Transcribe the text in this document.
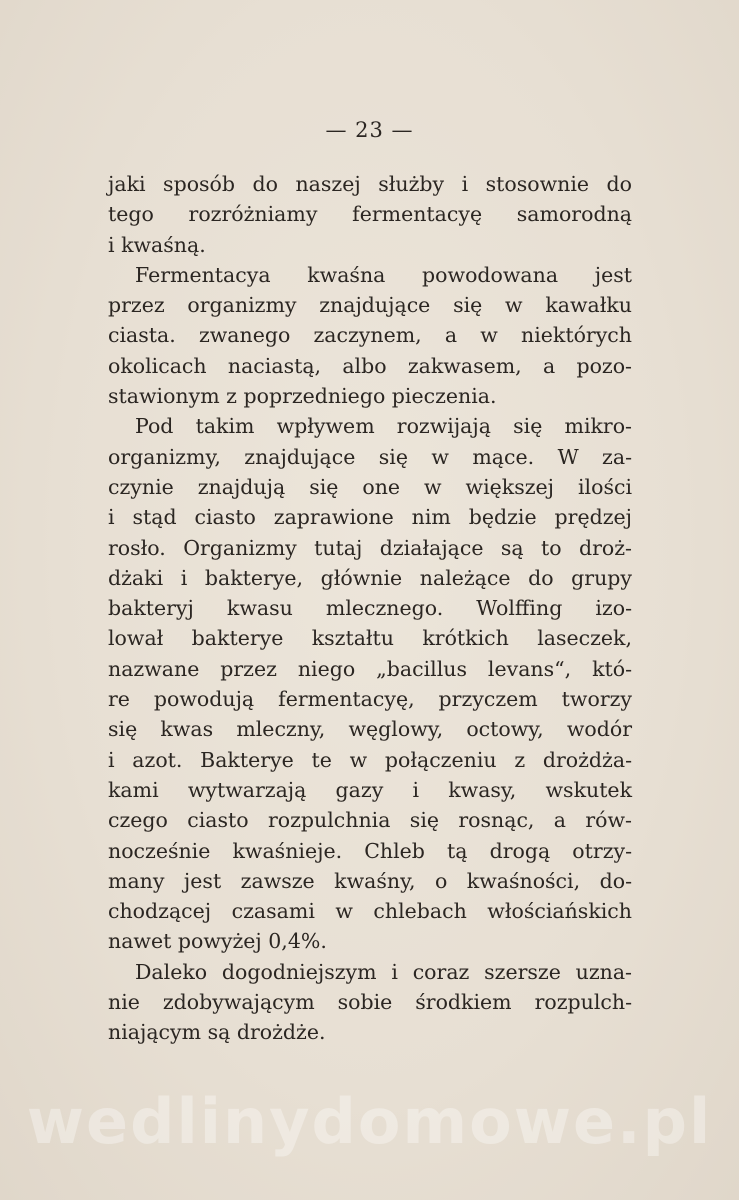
— 23 —
jaki sposób do naszej służby i stosownie do
tego rozróżniamy fermentacyę samorodną
i kwaśną.
Fermentacya kwaśna powodowana jest
przez organizmy znajdujące się w kawałku
ciasta. zwanego zaczynem, a w niektórych
okolicach naciastą, albo zakwasem, a pozo-
stawionym z poprzedniego pieczenia.
Pod takim wpływem rozwijają się mikro-
organizmy, znajdujące się w mące. W za-
czynie znajdują się one w większej ilości
i stąd ciasto zaprawione nim będzie prędzej
rosło. Organizmy tutaj działające są to droż-
dżaki i bakterye, głównie należące do grupy
bakteryj kwasu mlecznego. Wolffing izo-
lował bakterye kształtu krótkich laseczek,
nazwane przez niego „bacillus levans“, któ-
re powodują fermentacyę, przyczem tworzy
się kwas mleczny, węglowy, octowy, wodór
i azot. Bakterye te w połączeniu z drożdża-
kami wytwarzają gazy i kwasy, wskutek
czego ciasto rozpulchnia się rosnąc, a rów-
nocześnie kwaśnieje. Chleb tą drogą otrzy-
many jest zawsze kwaśny, o kwaśności, do-
chodzącej czasami w chlebach włościańskich
nawet powyżej 0,4%.
Daleko dogodniejszym i coraz szersze uzna-
nie zdobywającym sobie środkiem rozpulch-
niającym są drożdże.
wedlinydomowe.pl
